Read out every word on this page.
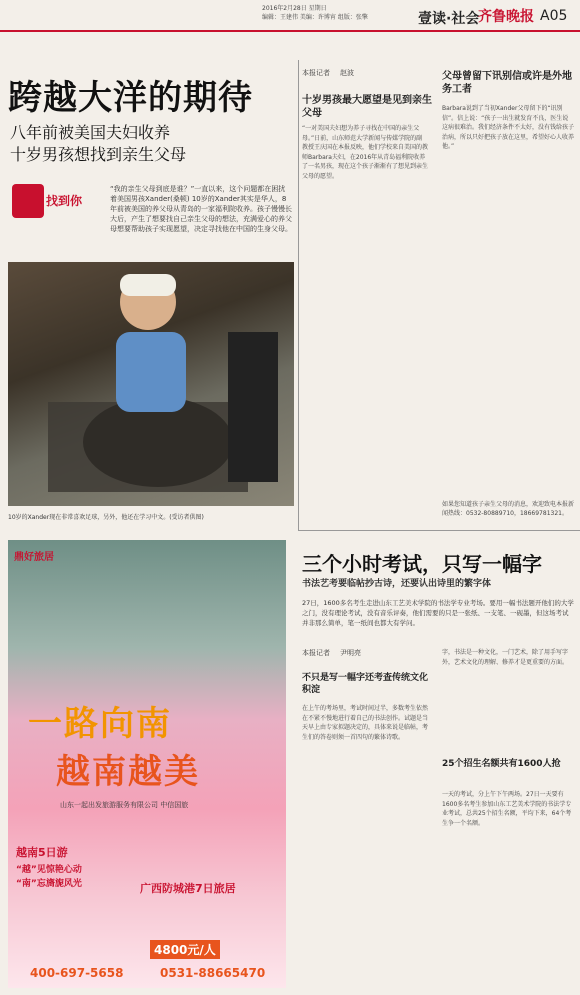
2016年2月28日 星期日
编辑：王建伟 美编：许博宵 组版：张擎	壹读·社会
齐鲁晚报 A05
跨越大洋的期待
八年前被美国夫妇收养
十岁男孩想找到亲生父母
找到你
“我的亲生父母到底是谁？”一直以来，这个问题都在困扰着美国男孩Xander(桑顿) 10岁的Xander其实是华人，8年前被美国的养父母从青岛的一家福利院收养。孩子慢慢长大后，产生了想要找自己亲生父母的想法，充满爱心的养父母想要帮助孩子实现愿望，决定寻找他在中国的生身父母。
10岁的Xander现在非常喜欢足球，另外，他还在学习中文。(受访者供图)
本报记者 赵波
十岁男孩最大愿望是见到亲生父母
“一对美国夫妇想为养子寻找在中国的亲生父母。”日前，山东师范大学新闻与传媒学院的副教授王庆国在本报反映，他们学校来自美国的教师Barbara夫妇，在2016年从青岛福利院收养了一名男孩，现在这个孩子渐渐有了想见到亲生父母的愿望。
父母曾留下讯别信或许是外地务工者
Barbara说到了当初Xander父母留下的“讯别信”。信上说：“孩子一出生就发育不良，医生说这病很难治。我们经济条件不太好，没有钱给孩子治病，所以只好把孩子放在这里，希望好心人收养他。”
如果您知道孩子亲生父母的消息，欢迎致电本报新闻热线：0532-80889710，18669781321。
鼎好旅居
一路向南
越南越美
山东一起出发旅游服务有限公司 中信国旅
越南5日游
“越”见惊艳心动
“南”忘旖旎风光	广西防城港7日旅居
4800元/人
400-697-5658	0531-88665470
三个小时考试，只写一幅字
书法艺考要临帖抄古诗，还要认出诗里的繁字体
27日，1600多名考生走进山东工艺美术学院的书法学专业考场。要用一幅书法题开他们的大学之门，没有理论考试，没有音乐评奏，他们需要的只是一张纸、一支笔、一砚墨，但这场考试并非那么简单，笔一纸间也都大有学问。
本报记者 尹明亮
不只是写一幅字还考查传统文化积淀
在上午的考场里，考试时间过半，多数考生依然在不紧不慢地进行着自己的书法创作。试题是当天早上由专家拟题决定的，具体来说是临帖，考生们的答卷则须一首四句的繁体诗歌。
字，书法是一种文化，一门艺术，除了用手写字外，艺术文化的理解、修养才是更重要的方面。
25个招生名额共有1600人抢
一天的考试，分上午下午两场。27日一天要有1600多名考生参加山东工艺美术学院的书法学专业考试，总共25个招生名额，平均下来，64个考生争一个名额。
